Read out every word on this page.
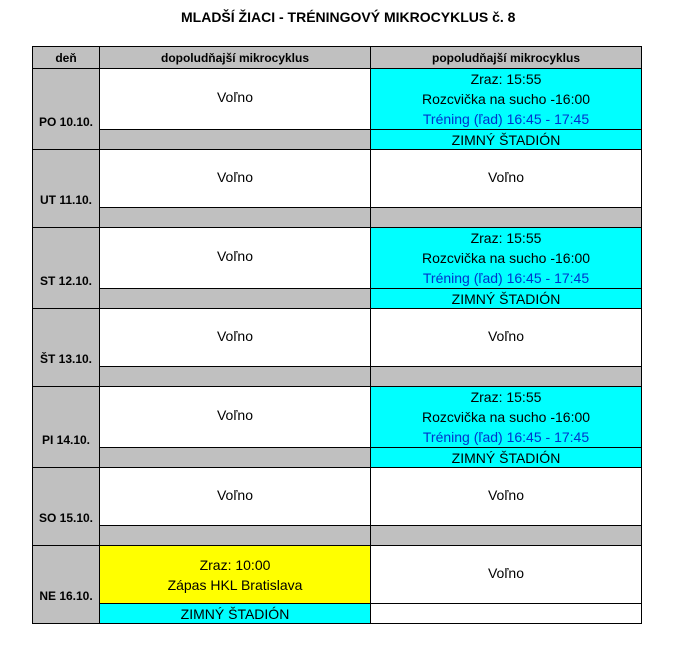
MLADŠÍ ŽIACI - TRÉNINGOVÝ MIKROCYKLUS č. 8
deň	dopoludňajší mikrocyklus	popoludňajší mikrocyklus
PO 10.10.	Voľno	Zraz: 15:55
Rozcvička na sucho -16:00
Tréning (ľad) 16:45 - 17:45

		ZIMNÝ ŠTADIÓN
UT 11.10.	Voľno	Voľno

ST 12.10.	Voľno	Zraz: 15:55
Rozcvička na sucho -16:00
Tréning (ľad) 16:45 - 17:45

		ZIMNÝ ŠTADIÓN
ŠT 13.10.	Voľno	Voľno

PI 14.10.	Voľno	Zraz: 15:55
Rozcvička na sucho -16:00
Tréning (ľad) 16:45 - 17:45

		ZIMNÝ ŠTADIÓN
SO 15.10.	Voľno	Voľno

NE 16.10.	Zraz: 10:00
Zápas HKL Bratislava	Voľno
	ZIMNÝ ŠTADIÓN	
